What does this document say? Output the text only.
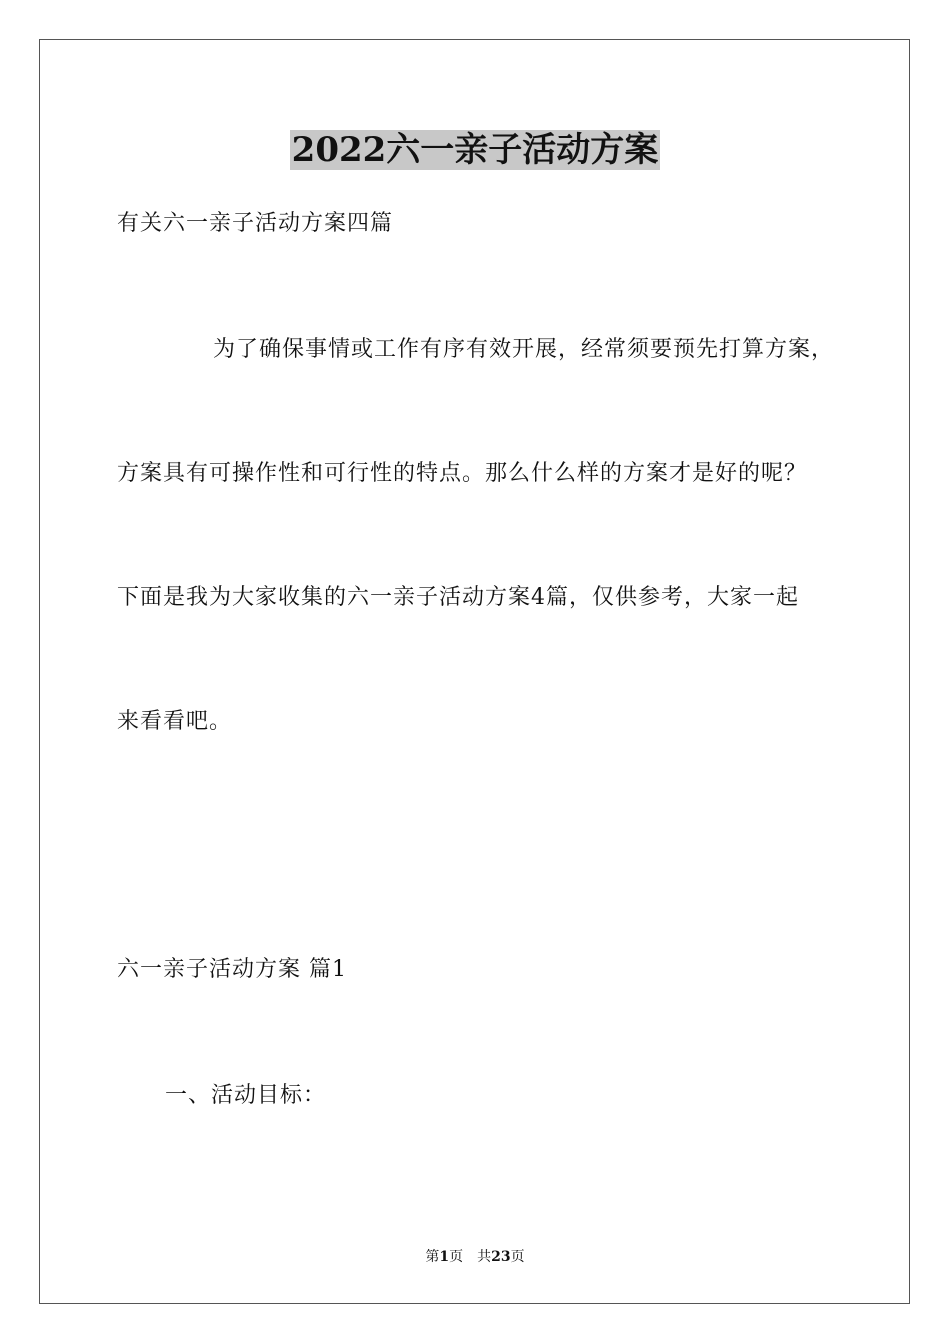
2022六一亲子活动方案
有关六一亲子活动方案四篇
为了确保事情或工作有序有效开展，经常须要预先打算方案，
方案具有可操作性和可行性的特点。那么什么样的方案才是好的呢？
下面是我为大家收集的六一亲子活动方案4篇，仅供参考，大家一起
来看看吧。
六一亲子活动方案 篇1
一、活动目标：
第1页　共23页
